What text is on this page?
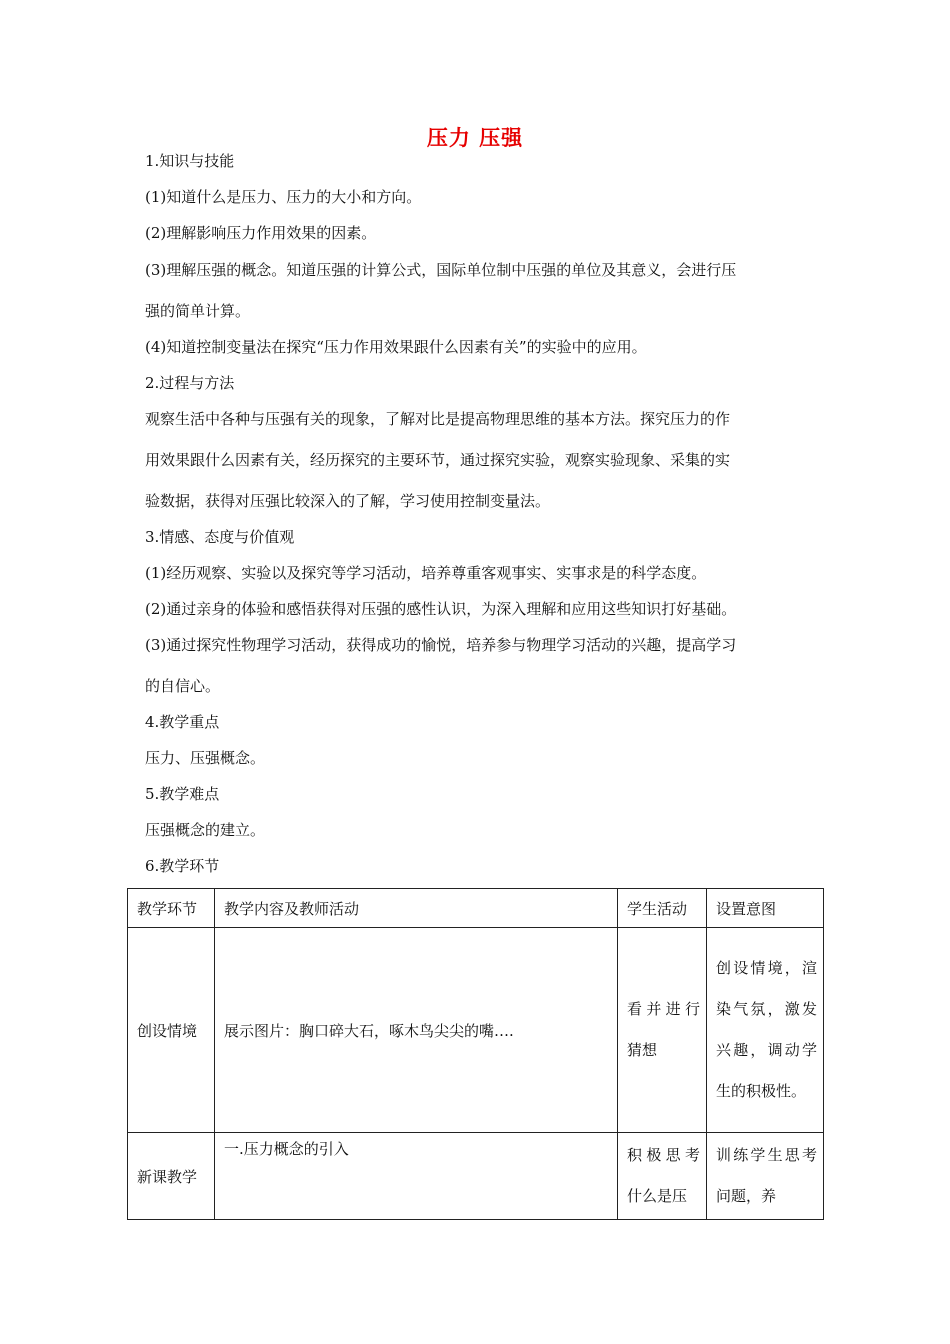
压力 压强
1.知识与技能
(1)知道什么是压力、压力的大小和方向。
(2)理解影响压力作用效果的因素。
(3)理解压强的概念。知道压强的计算公式，国际单位制中压强的单位及其意义，会进行压
强的简单计算。
(4)知道控制变量法在探究“压力作用效果跟什么因素有关”的实验中的应用。
2.过程与方法
观察生活中各种与压强有关的现象，了解对比是提高物理思维的基本方法。探究压力的作
用效果跟什么因素有关，经历探究的主要环节，通过探究实验，观察实验现象、采集的实
验数据，获得对压强比较深入的了解，学习使用控制变量法。
3.情感、态度与价值观
(1)经历观察、实验以及探究等学习活动，培养尊重客观事实、实事求是的科学态度。
(2)通过亲身的体验和感悟获得对压强的感性认识，为深入理解和应用这些知识打好基础。
(3)通过探究性物理学习活动，获得成功的愉悦，培养参与物理学习活动的兴趣，提高学习
的自信心。
4.教学重点
压力、压强概念。
5.教学难点
压强概念的建立。
6.教学环节
教学环节	教学内容及教师活动	学生活动	设置意图
创设情境	展示图片：胸口碎大石，啄木鸟尖尖的嘴….	看并进行猜想	创设情境，渲染气氛，激发兴趣，调动学生的积极性。
新课教学	一.压力概念的引入	积极思考什么是压	训练学生思考问题，养
